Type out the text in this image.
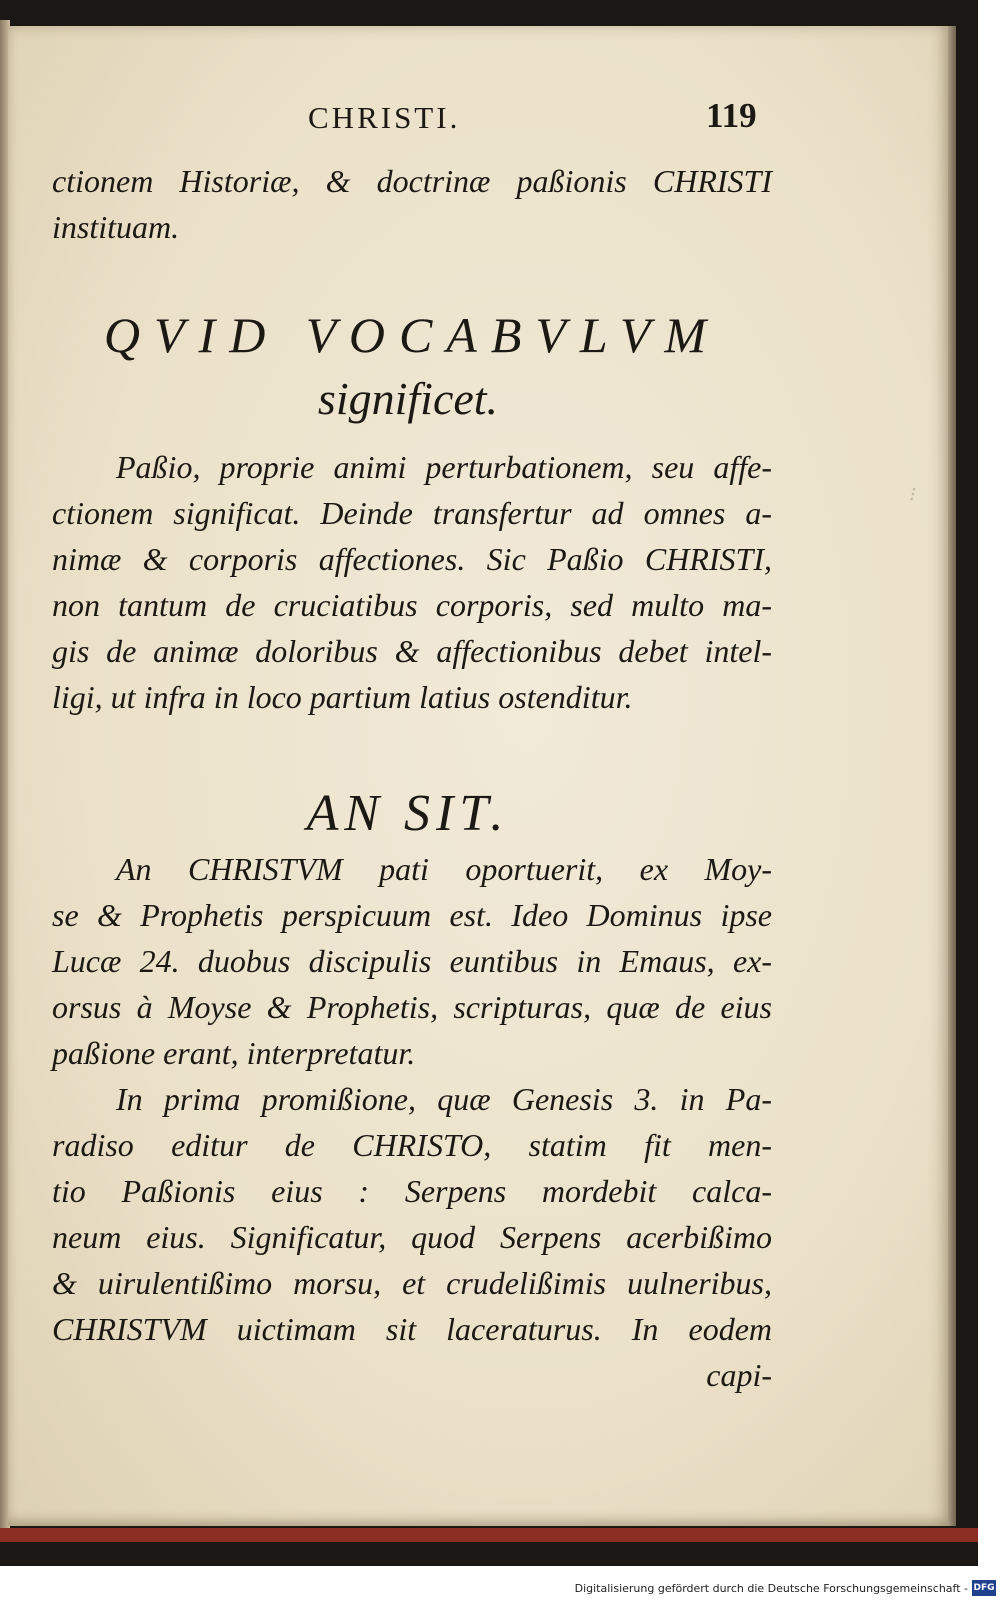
CHRISTI.	119
ctionem Historiæ, & doctrinæ paßionis CHRISTI
instituam.
QVID VOCABVLVM
significet.
Paßio, proprie animi perturbationem, seu affe-
ctionem significat. Deinde transfertur ad omnes a-
nimæ & corporis affectiones. Sic Paßio CHRISTI,
non tantum de cruciatibus corporis, sed multo ma-
gis de animæ doloribus & affectionibus debet intel-
ligi, ut infra in loco partium latius ostenditur.
AN SIT.
An CHRISTVM pati oportuerit, ex Moy-
se & Prophetis perspicuum est. Ideo Dominus ipse
Lucæ 24. duobus discipulis euntibus in Emaus, ex-
orsus à Moyse & Prophetis, scripturas, quæ de eius
paßione erant, interpretatur.
In prima promißione, quæ Genesis 3. in Pa-
radiso editur de CHRISTO, statim fit men-
tio Paßionis eius : Serpens mordebit calca-
neum eius. Significatur, quod Serpens acerbißimo
& uirulentißimo morsu, et crudelißimis uulneribus,
CHRISTVM uictimam sit laceraturus. In eodem
capi-
⁝
Digitalisierung gefördert durch die Deutsche Forschungsgemeinschaft - DFG
